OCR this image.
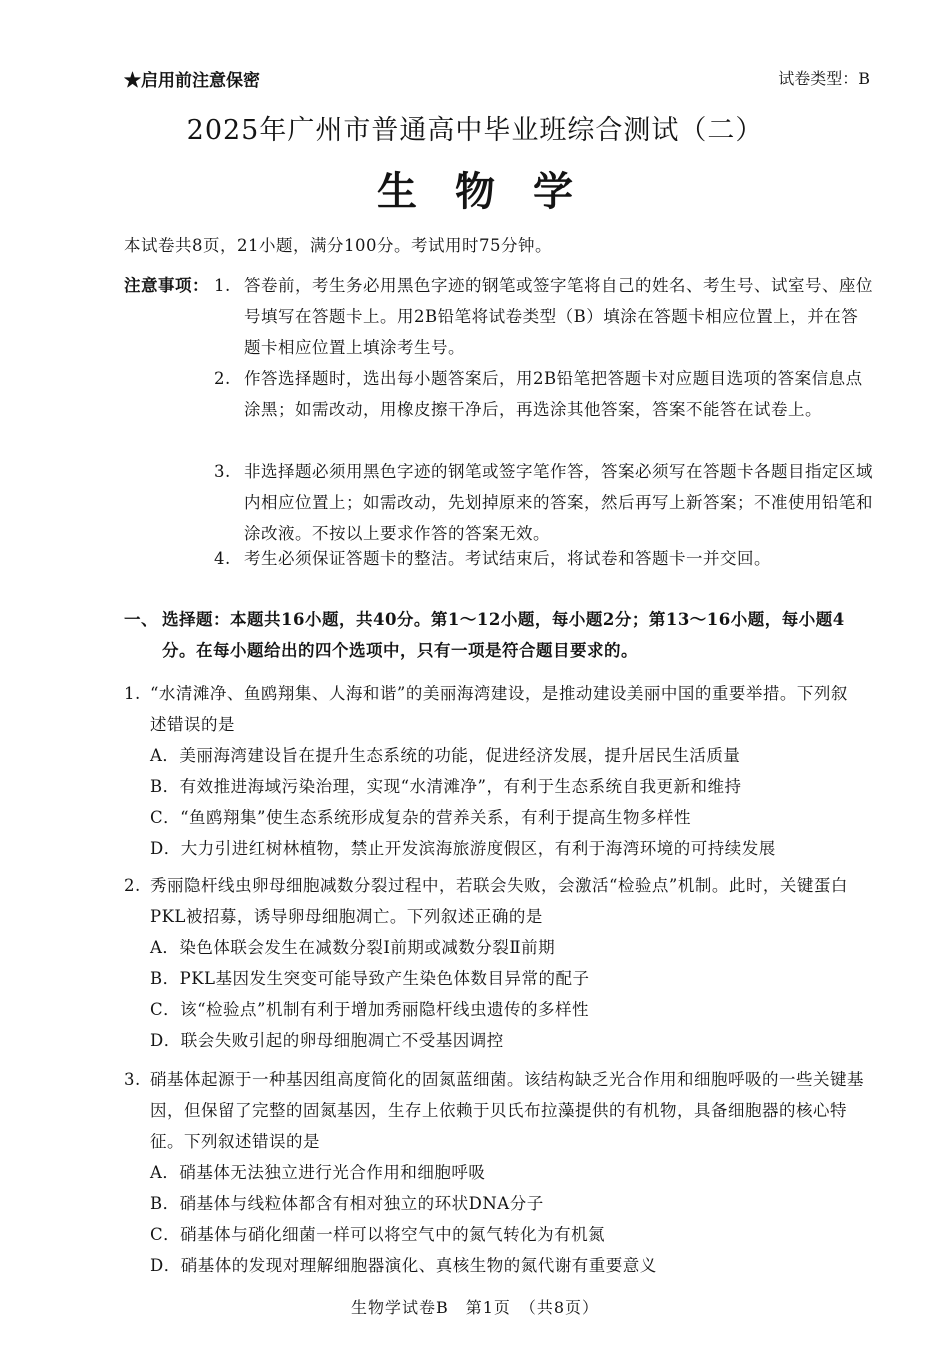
★启用前注意保密	试卷类型：B
2025年广州市普通高中毕业班综合测试（二）
生物学
本试卷共8页，21小题，满分100分。考试用时75分钟。
注意事项： 1. 答卷前，考生务必用黑色字迹的钢笔或签字笔将自己的姓名、考生号、试室号、座位号填写在答题卡上。用2B铅笔将试卷类型（B）填涂在答题卡相应位置上，并在答题卡相应位置上填涂考生号。
2. 作答选择题时，选出每小题答案后，用2B铅笔把答题卡对应题目选项的答案信息点涂黑；如需改动，用橡皮擦干净后，再选涂其他答案，答案不能答在试卷上。
3. 非选择题必须用黑色字迹的钢笔或签字笔作答，答案必须写在答题卡各题目指定区域内相应位置上；如需改动，先划掉原来的答案，然后再写上新答案；不准使用铅笔和涂改液。不按以上要求作答的答案无效。
4. 考生必须保证答题卡的整洁。考试结束后，将试卷和答题卡一并交回。
一、 选择题：本题共16小题，共40分。第1～12小题，每小题2分；第13～16小题，每小题4分。在每小题给出的四个选项中，只有一项是符合题目要求的。
1. “水清滩净、鱼鸥翔集、人海和谐”的美丽海湾建设，是推动建设美丽中国的重要举措。下列叙述错误的是
A．美丽海湾建设旨在提升生态系统的功能，促进经济发展，提升居民生活质量
B．有效推进海域污染治理，实现“水清滩净”，有利于生态系统自我更新和维持
C．“鱼鸥翔集”使生态系统形成复杂的营养关系，有利于提高生物多样性
D．大力引进红树林植物，禁止开发滨海旅游度假区，有利于海湾环境的可持续发展
2. 秀丽隐杆线虫卵母细胞减数分裂过程中，若联会失败，会激活“检验点”机制。此时，关键蛋白PKL被招募，诱导卵母细胞凋亡。下列叙述正确的是
A．染色体联会发生在减数分裂Ⅰ前期或减数分裂Ⅱ前期
B．PKL基因发生突变可能导致产生染色体数目异常的配子
C．该“检验点”机制有利于增加秀丽隐杆线虫遗传的多样性
D．联会失败引起的卵母细胞凋亡不受基因调控
3. 硝基体起源于一种基因组高度简化的固氮蓝细菌。该结构缺乏光合作用和细胞呼吸的一些关键基因，但保留了完整的固氮基因，生存上依赖于贝氏布拉藻提供的有机物，具备细胞器的核心特征。下列叙述错误的是
A．硝基体无法独立进行光合作用和细胞呼吸
B．硝基体与线粒体都含有相对独立的环状DNA分子
C．硝基体与硝化细菌一样可以将空气中的氮气转化为有机氮
D．硝基体的发现对理解细胞器演化、真核生物的氮代谢有重要意义
生物学试卷B　第1页　（共8页）
